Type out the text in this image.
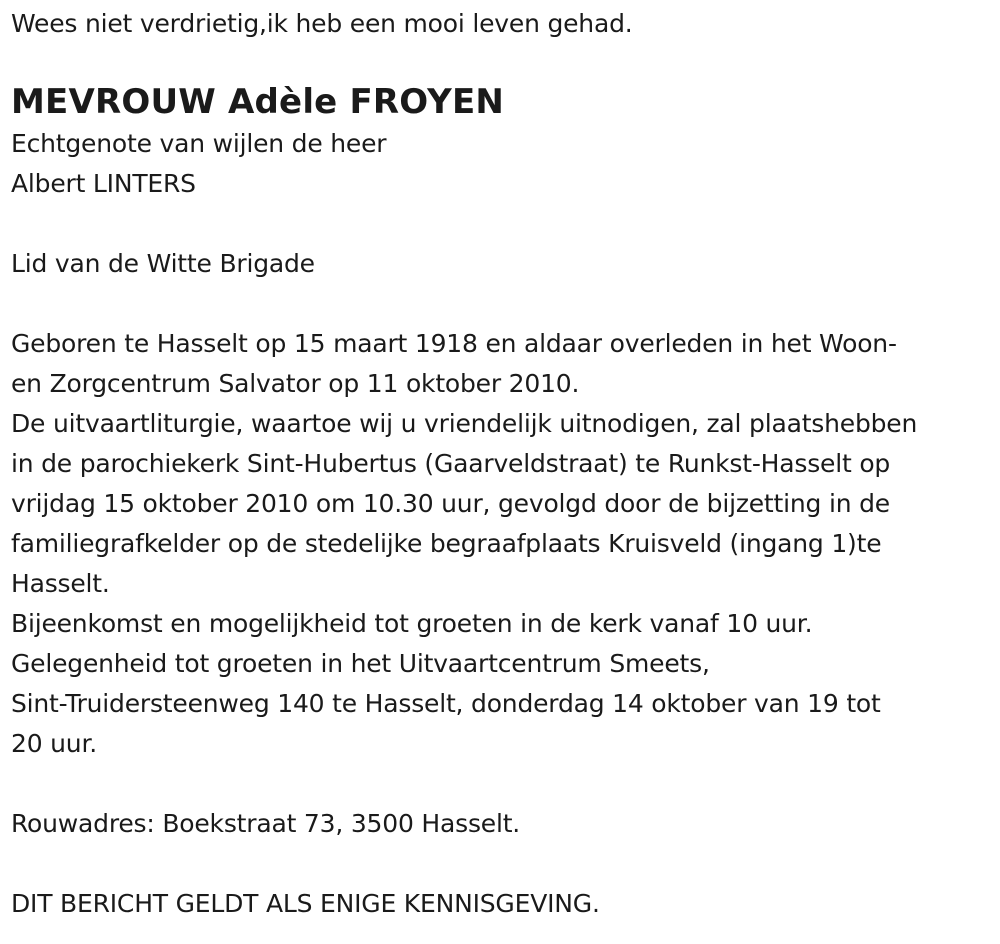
Wees niet verdrietig,ik heb een mooi leven gehad.
MEVROUW Adèle FROYEN
Echtgenote van wijlen de heer
Albert LINTERS
Lid van de Witte Brigade
Geboren te Hasselt op 15 maart 1918 en aldaar overleden in het Woon-
en Zorgcentrum Salvator op 11 oktober 2010.
De uitvaartliturgie, waartoe wij u vriendelijk uitnodigen, zal plaatshebben
in de parochiekerk Sint-Hubertus (Gaarveldstraat) te Runkst-Hasselt op
vrijdag 15 oktober 2010 om 10.30 uur, gevolgd door de bijzetting in de
familiegrafkelder op de stedelijke begraafplaats Kruisveld (ingang 1)te
Hasselt.
Bijeenkomst en mogelijkheid tot groeten in de kerk vanaf 10 uur.
Gelegenheid tot groeten in het Uitvaartcentrum Smeets,
Sint-Truidersteenweg 140 te Hasselt, donderdag 14 oktober van 19 tot
20 uur.
Rouwadres: Boekstraat 73, 3500 Hasselt.
DIT BERICHT GELDT ALS ENIGE KENNISGEVING.
